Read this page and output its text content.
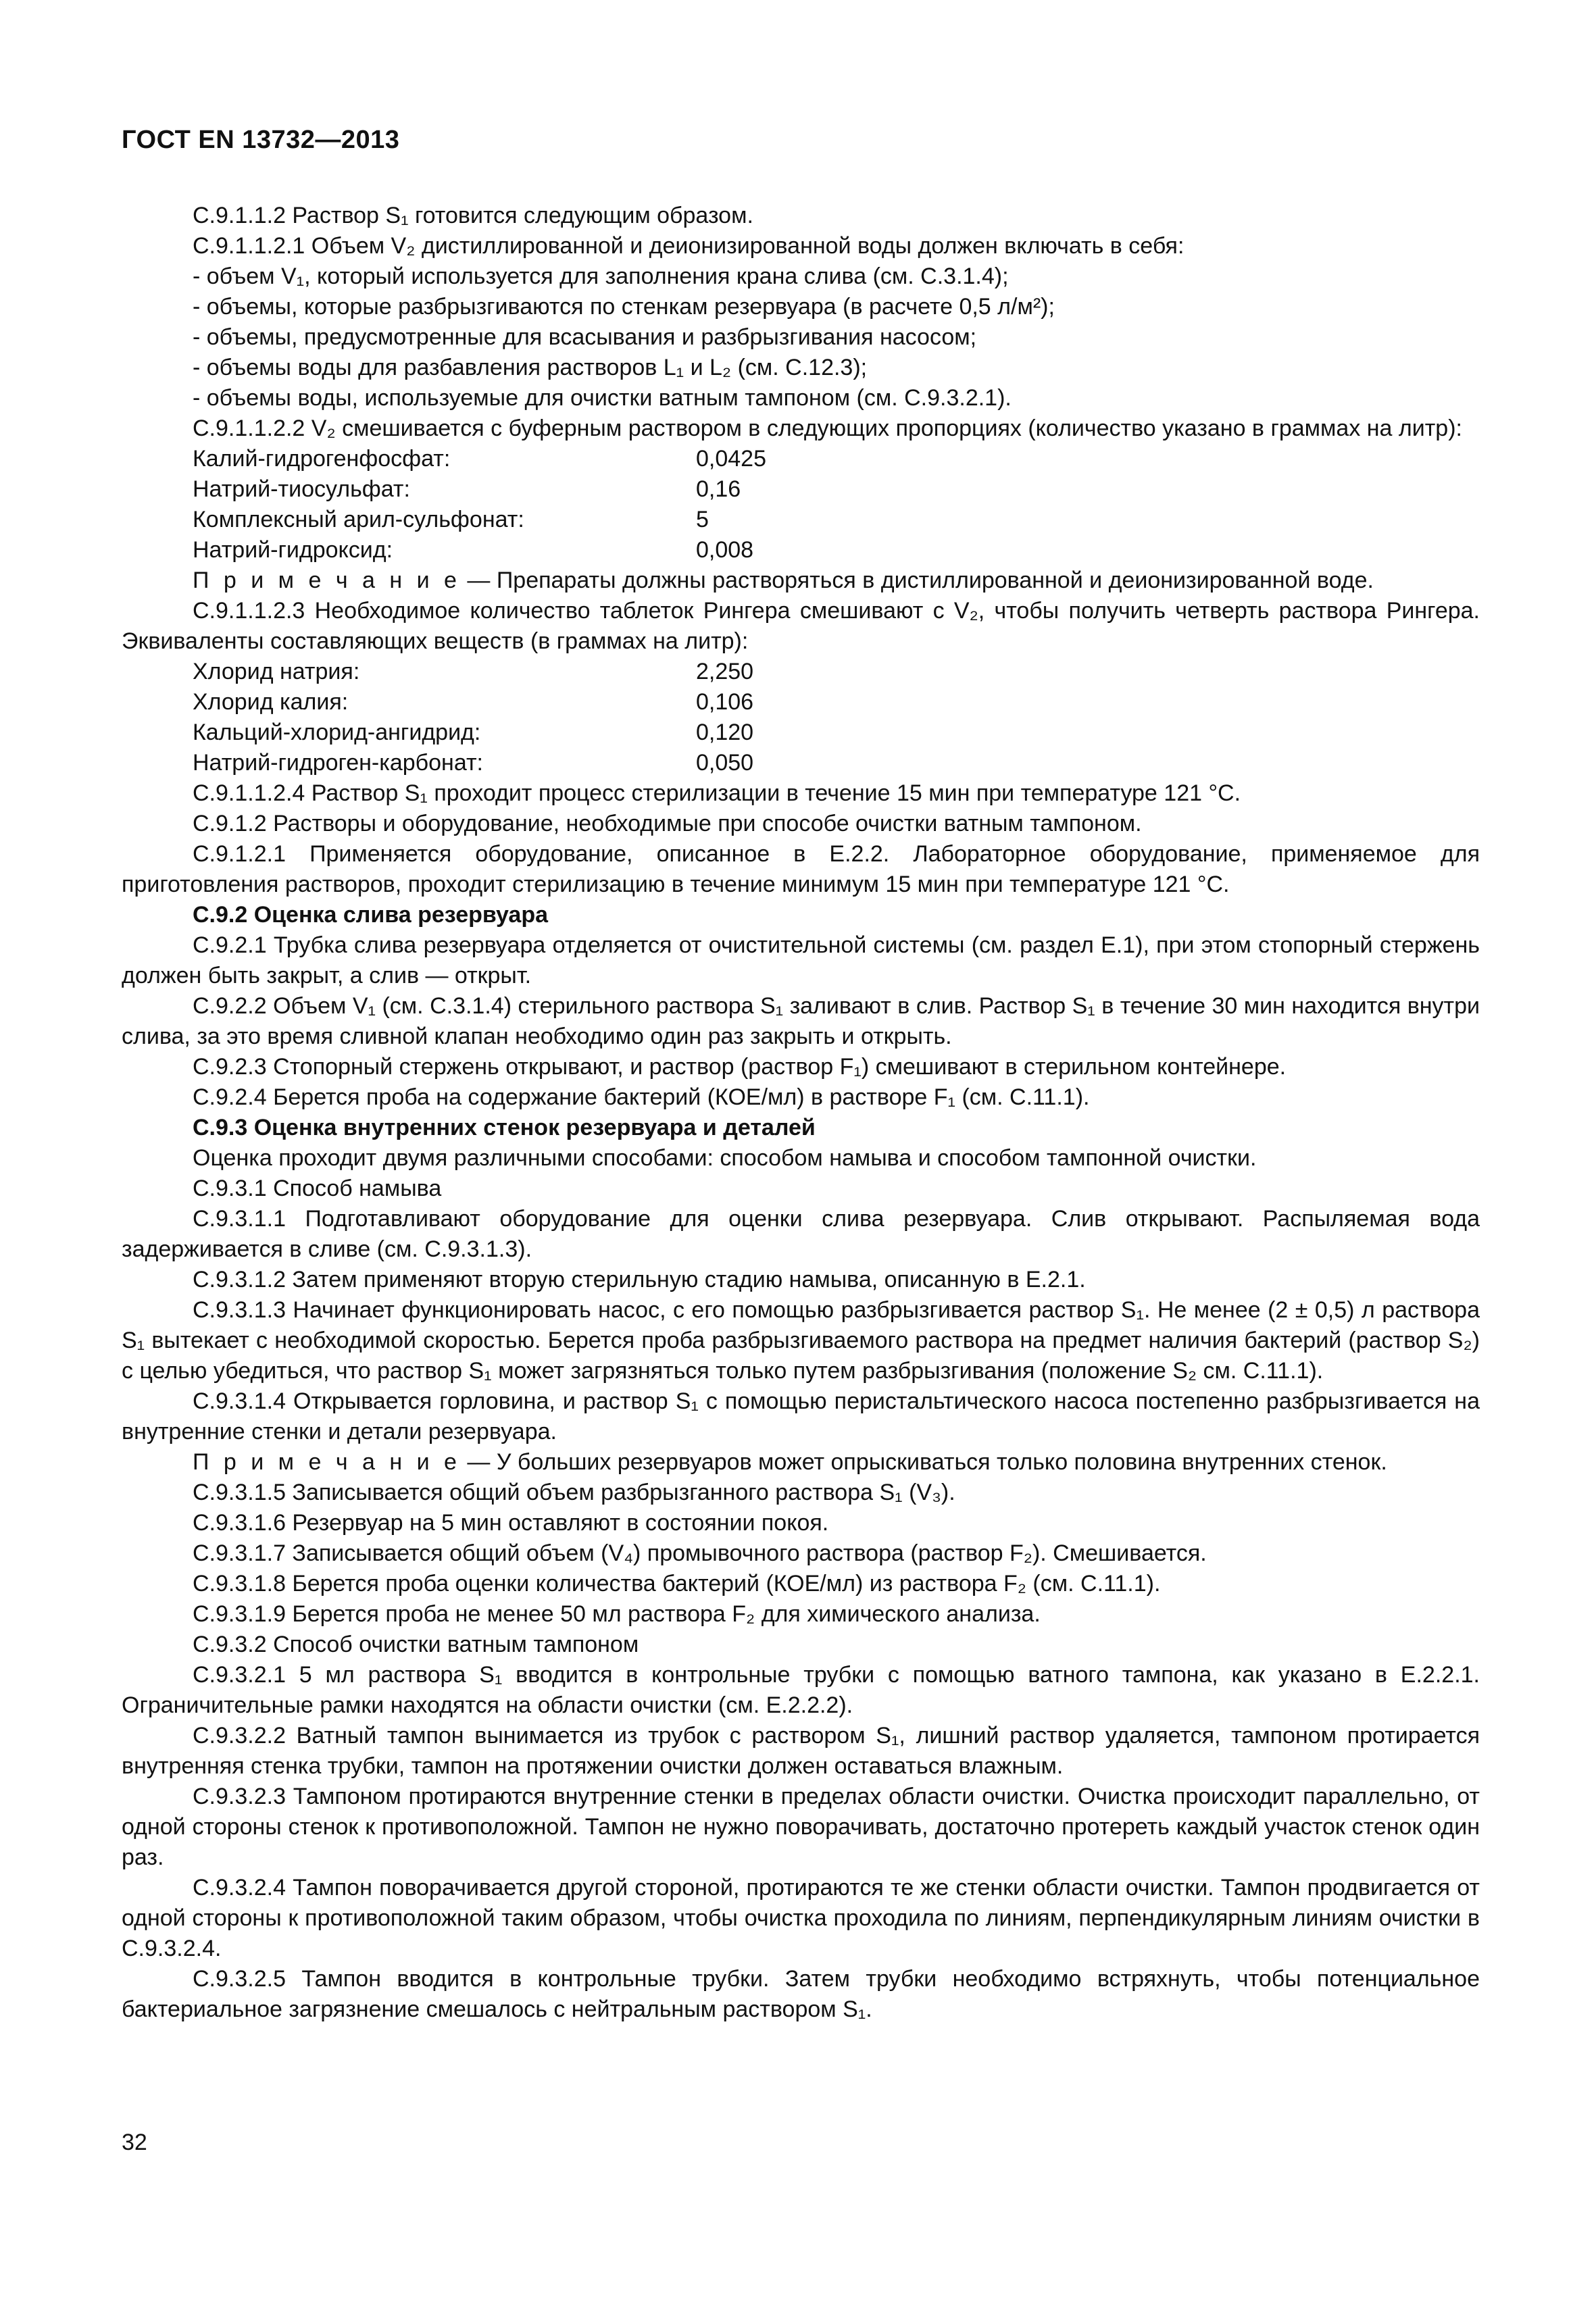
ГОСТ EN 13732—2013

С.9.1.1.2 Раствор S₁ готовится следующим образом.

С.9.1.1.2.1 Объем V₂ дистиллированной и деионизированной воды должен включать в себя:

- объем V₁, который используется для заполнения крана слива (см. С.3.1.4);

- объемы, которые разбрызгиваются по стенкам резервуара (в расчете 0,5 л/м²);

- объемы, предусмотренные для всасывания и разбрызгивания насосом;

- объемы воды для разбавления растворов L₁ и L₂ (см. С.12.3);

- объемы воды, используемые для очистки ватным тампоном (см. С.9.3.2.1).

С.9.1.1.2.2 V₂ смешивается с буферным раствором в следующих пропорциях (количество указано в граммах на литр):

Калий-гидрогенфосфат:	0,0425

Натрий-тиосульфат:	0,16

Комплексный арил-сульфонат:	5

Натрий-гидроксид:	0,008

П р и м е ч а н и е — Препараты должны растворяться в дистиллированной и деионизированной воде.

С.9.1.1.2.3 Необходимое количество таблеток Рингера смешивают с V₂, чтобы получить четверть раствора Рингера. Эквиваленты составляющих веществ (в граммах на литр):

Хлорид натрия:	2,250

Хлорид калия:	0,106

Кальций-хлорид-ангидрид:	0,120

Натрий-гидроген-карбонат:	0,050

С.9.1.1.2.4 Раствор S₁ проходит процесс стерилизации в течение 15 мин при температуре 121 °С.

С.9.1.2 Растворы и оборудование, необходимые при способе очистки ватным тампоном.

С.9.1.2.1 Применяется оборудование, описанное в Е.2.2. Лабораторное оборудование, применяемое для приготовления растворов, проходит стерилизацию в течение минимум 15 мин при температуре 121 °С.

С.9.2 Оценка слива резервуара

С.9.2.1 Трубка слива резервуара отделяется от очистительной системы (см. раздел Е.1), при этом стопорный стержень должен быть закрыт, а слив — открыт.

С.9.2.2 Объем V₁ (см. С.3.1.4) стерильного раствора S₁ заливают в слив. Раствор S₁ в течение 30 мин находится внутри слива, за это время сливной клапан необходимо один раз закрыть и открыть.

С.9.2.3 Стопорный стержень открывают, и раствор (раствор F₁) смешивают в стерильном контейнере.

С.9.2.4 Берется проба на содержание бактерий (КОЕ/мл) в растворе F₁ (см. С.11.1).

С.9.3 Оценка внутренних стенок резервуара и деталей

Оценка проходит двумя различными способами: способом намыва и способом тампонной очистки.

С.9.3.1 Способ намыва

С.9.3.1.1 Подготавливают оборудование для оценки слива резервуара. Слив открывают. Распыляемая вода задерживается в сливе (см. С.9.3.1.3).

С.9.3.1.2 Затем применяют вторую стерильную стадию намыва, описанную в Е.2.1.

С.9.3.1.3 Начинает функционировать насос, с его помощью разбрызгивается раствор S₁. Не менее (2 ± 0,5) л раствора S₁ вытекает с необходимой скоростью. Берется проба разбрызгиваемого раствора на предмет наличия бактерий (раствор S₂) с целью убедиться, что раствор S₁ может загрязняться только путем разбрызгивания (положение S₂ см. С.11.1).

С.9.3.1.4 Открывается горловина, и раствор S₁ с помощью перистальтического насоса постепенно разбрызгивается на внутренние стенки и детали резервуара.

П р и м е ч а н и е — У больших резервуаров может опрыскиваться только половина внутренних стенок.

С.9.3.1.5 Записывается общий объем разбрызганного раствора S₁ (V₃).

С.9.3.1.6 Резервуар на 5 мин оставляют в состоянии покоя.

С.9.3.1.7 Записывается общий объем (V₄) промывочного раствора (раствор F₂). Смешивается.

С.9.3.1.8 Берется проба оценки количества бактерий (КОЕ/мл) из раствора F₂ (см. С.11.1).

С.9.3.1.9 Берется проба не менее 50 мл раствора F₂ для химического анализа.

С.9.3.2 Способ очистки ватным тампоном

С.9.3.2.1 5 мл раствора S₁ вводится в контрольные трубки с помощью ватного тампона, как указано в Е.2.2.1. Ограничительные рамки находятся на области очистки (см. Е.2.2.2).

С.9.3.2.2 Ватный тампон вынимается из трубок с раствором S₁, лишний раствор удаляется, тампоном протирается внутренняя стенка трубки, тампон на протяжении очистки должен оставаться влажным.

С.9.3.2.3 Тампоном протираются внутренние стенки в пределах области очистки. Очистка происходит параллельно, от одной стороны стенок к противоположной. Тампон не нужно поворачивать, достаточно протереть каждый участок стенок один раз.

С.9.3.2.4 Тампон поворачивается другой стороной, протираются те же стенки области очистки. Тампон продвигается от одной стороны к противоположной таким образом, чтобы очистка проходила по линиям, перпендикулярным линиям очистки в С.9.3.2.4.

С.9.3.2.5 Тампон вводится в контрольные трубки. Затем трубки необходимо встряхнуть, чтобы потенциальное бактериальное загрязнение смешалось с нейтральным раствором S₁.

32
